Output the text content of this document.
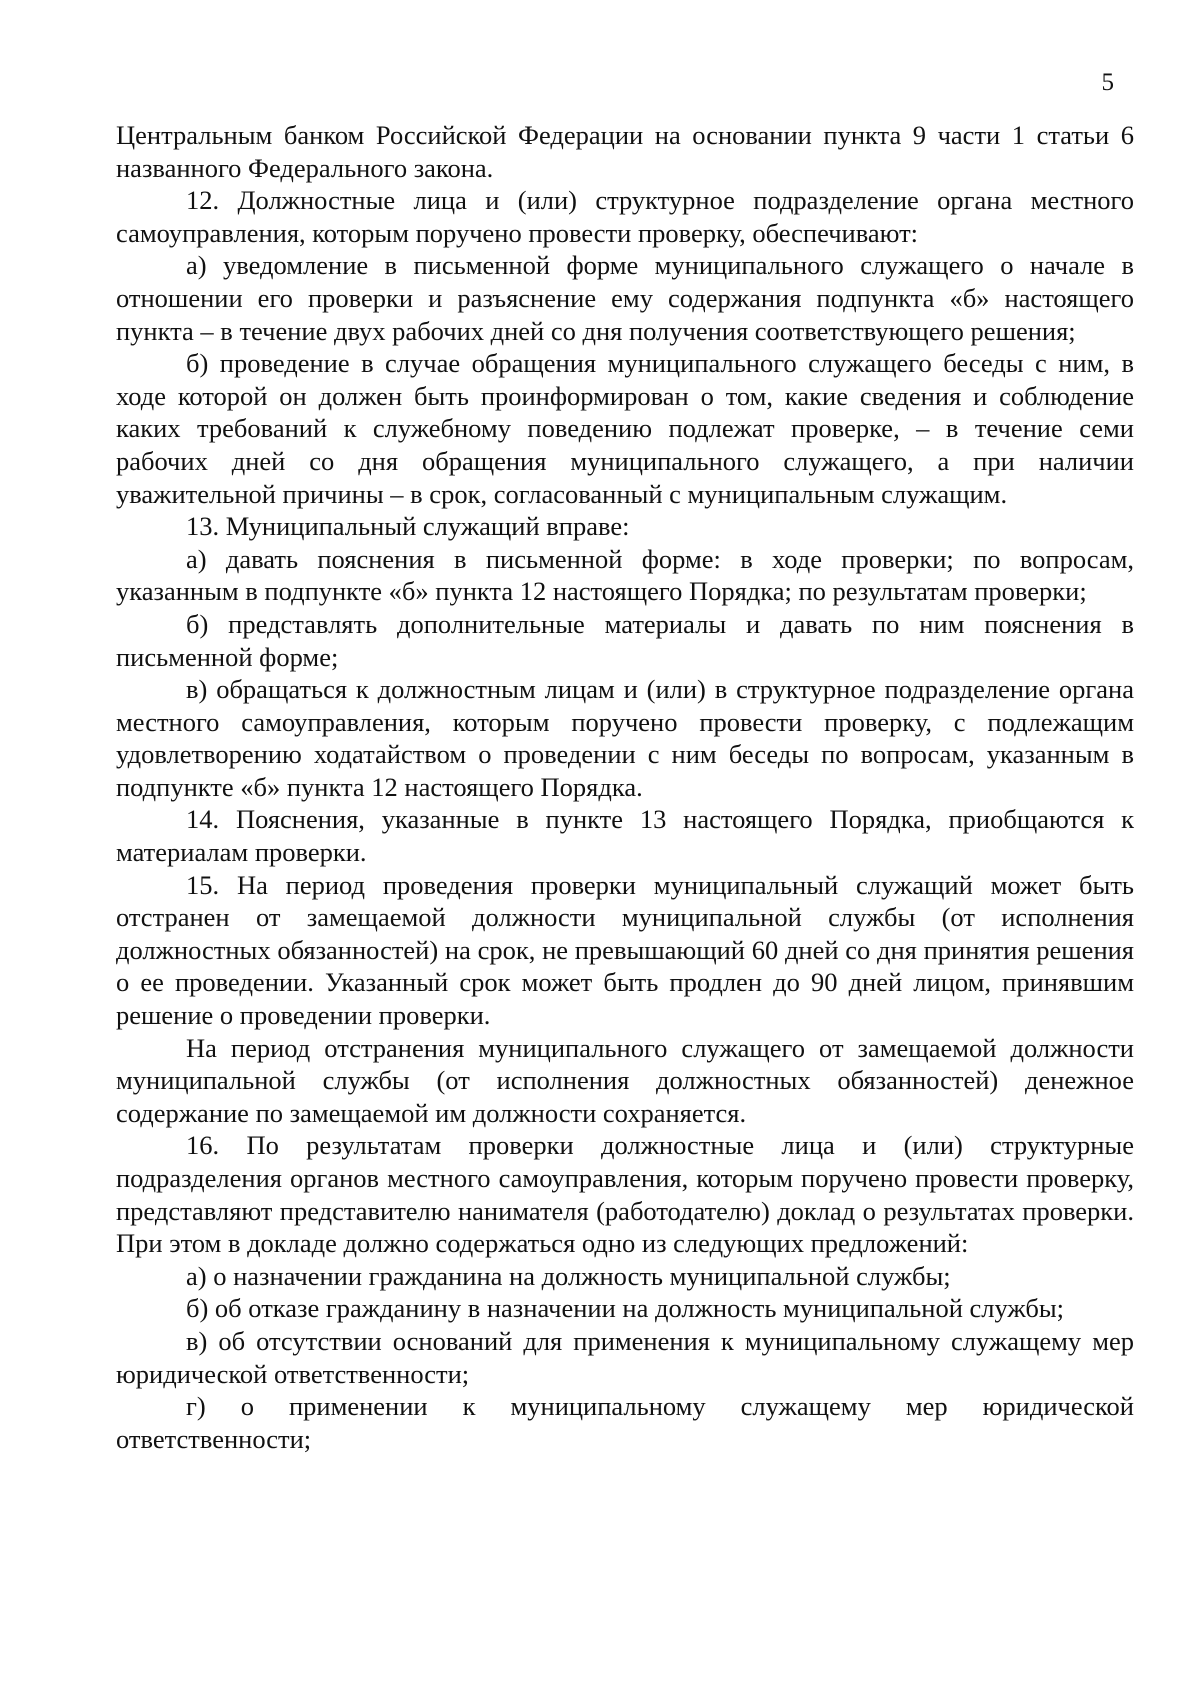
5

Центральным банком Российской Федерации на основании пункта 9 части 1 статьи 6 названного Федерального закона.

12. Должностные лица и (или) структурное подразделение органа местного самоуправления, которым поручено провести проверку, обеспечивают:

а) уведомление в письменной форме муниципального служащего о начале в отношении его проверки и разъяснение ему содержания подпункта «б» настоящего пункта – в течение двух рабочих дней со дня получения соответствующего решения;

б) проведение в случае обращения муниципального служащего беседы с ним, в ходе которой он должен быть проинформирован о том, какие сведения и соблюдение каких требований к служебному поведению подлежат проверке, – в течение семи рабочих дней со дня обращения муниципального служащего, а при наличии уважительной причины – в срок, согласованный с муниципальным служащим.

13. Муниципальный служащий вправе:

а) давать пояснения в письменной форме: в ходе проверки; по вопросам, указанным в подпункте «б» пункта 12 настоящего Порядка; по результатам проверки;

б) представлять дополнительные материалы и давать по ним пояснения в письменной форме;

в) обращаться к должностным лицам и (или) в структурное подразделение органа местного самоуправления, которым поручено провести проверку, с подлежащим удовлетворению ходатайством о проведении с ним беседы по вопросам, указанным в подпункте «б» пункта 12 настоящего Порядка.

14. Пояснения, указанные в пункте 13 настоящего Порядка, приобщаются к материалам проверки.

15. На период проведения проверки муниципальный служащий может быть отстранен от замещаемой должности муниципальной службы (от исполнения должностных обязанностей) на срок, не превышающий 60 дней со дня принятия решения о ее проведении. Указанный срок может быть продлен до 90 дней лицом, принявшим решение о проведении проверки.

На период отстранения муниципального служащего от замещаемой должности муниципальной службы (от исполнения должностных обязанностей) денежное содержание по замещаемой им должности сохраняется.

16. По результатам проверки должностные лица и (или) структурные подразделения органов местного самоуправления, которым поручено провести проверку, представляют представителю нанимателя (работодателю) доклад о результатах проверки. При этом в докладе должно содержаться одно из следующих предложений:

а) о назначении гражданина на должность муниципальной службы;

б) об отказе гражданину в назначении на должность муниципальной службы;

в) об отсутствии оснований для применения к муниципальному служащему мер юридической ответственности;

г) о применении к муниципальному служащему мер юридической ответственности;
